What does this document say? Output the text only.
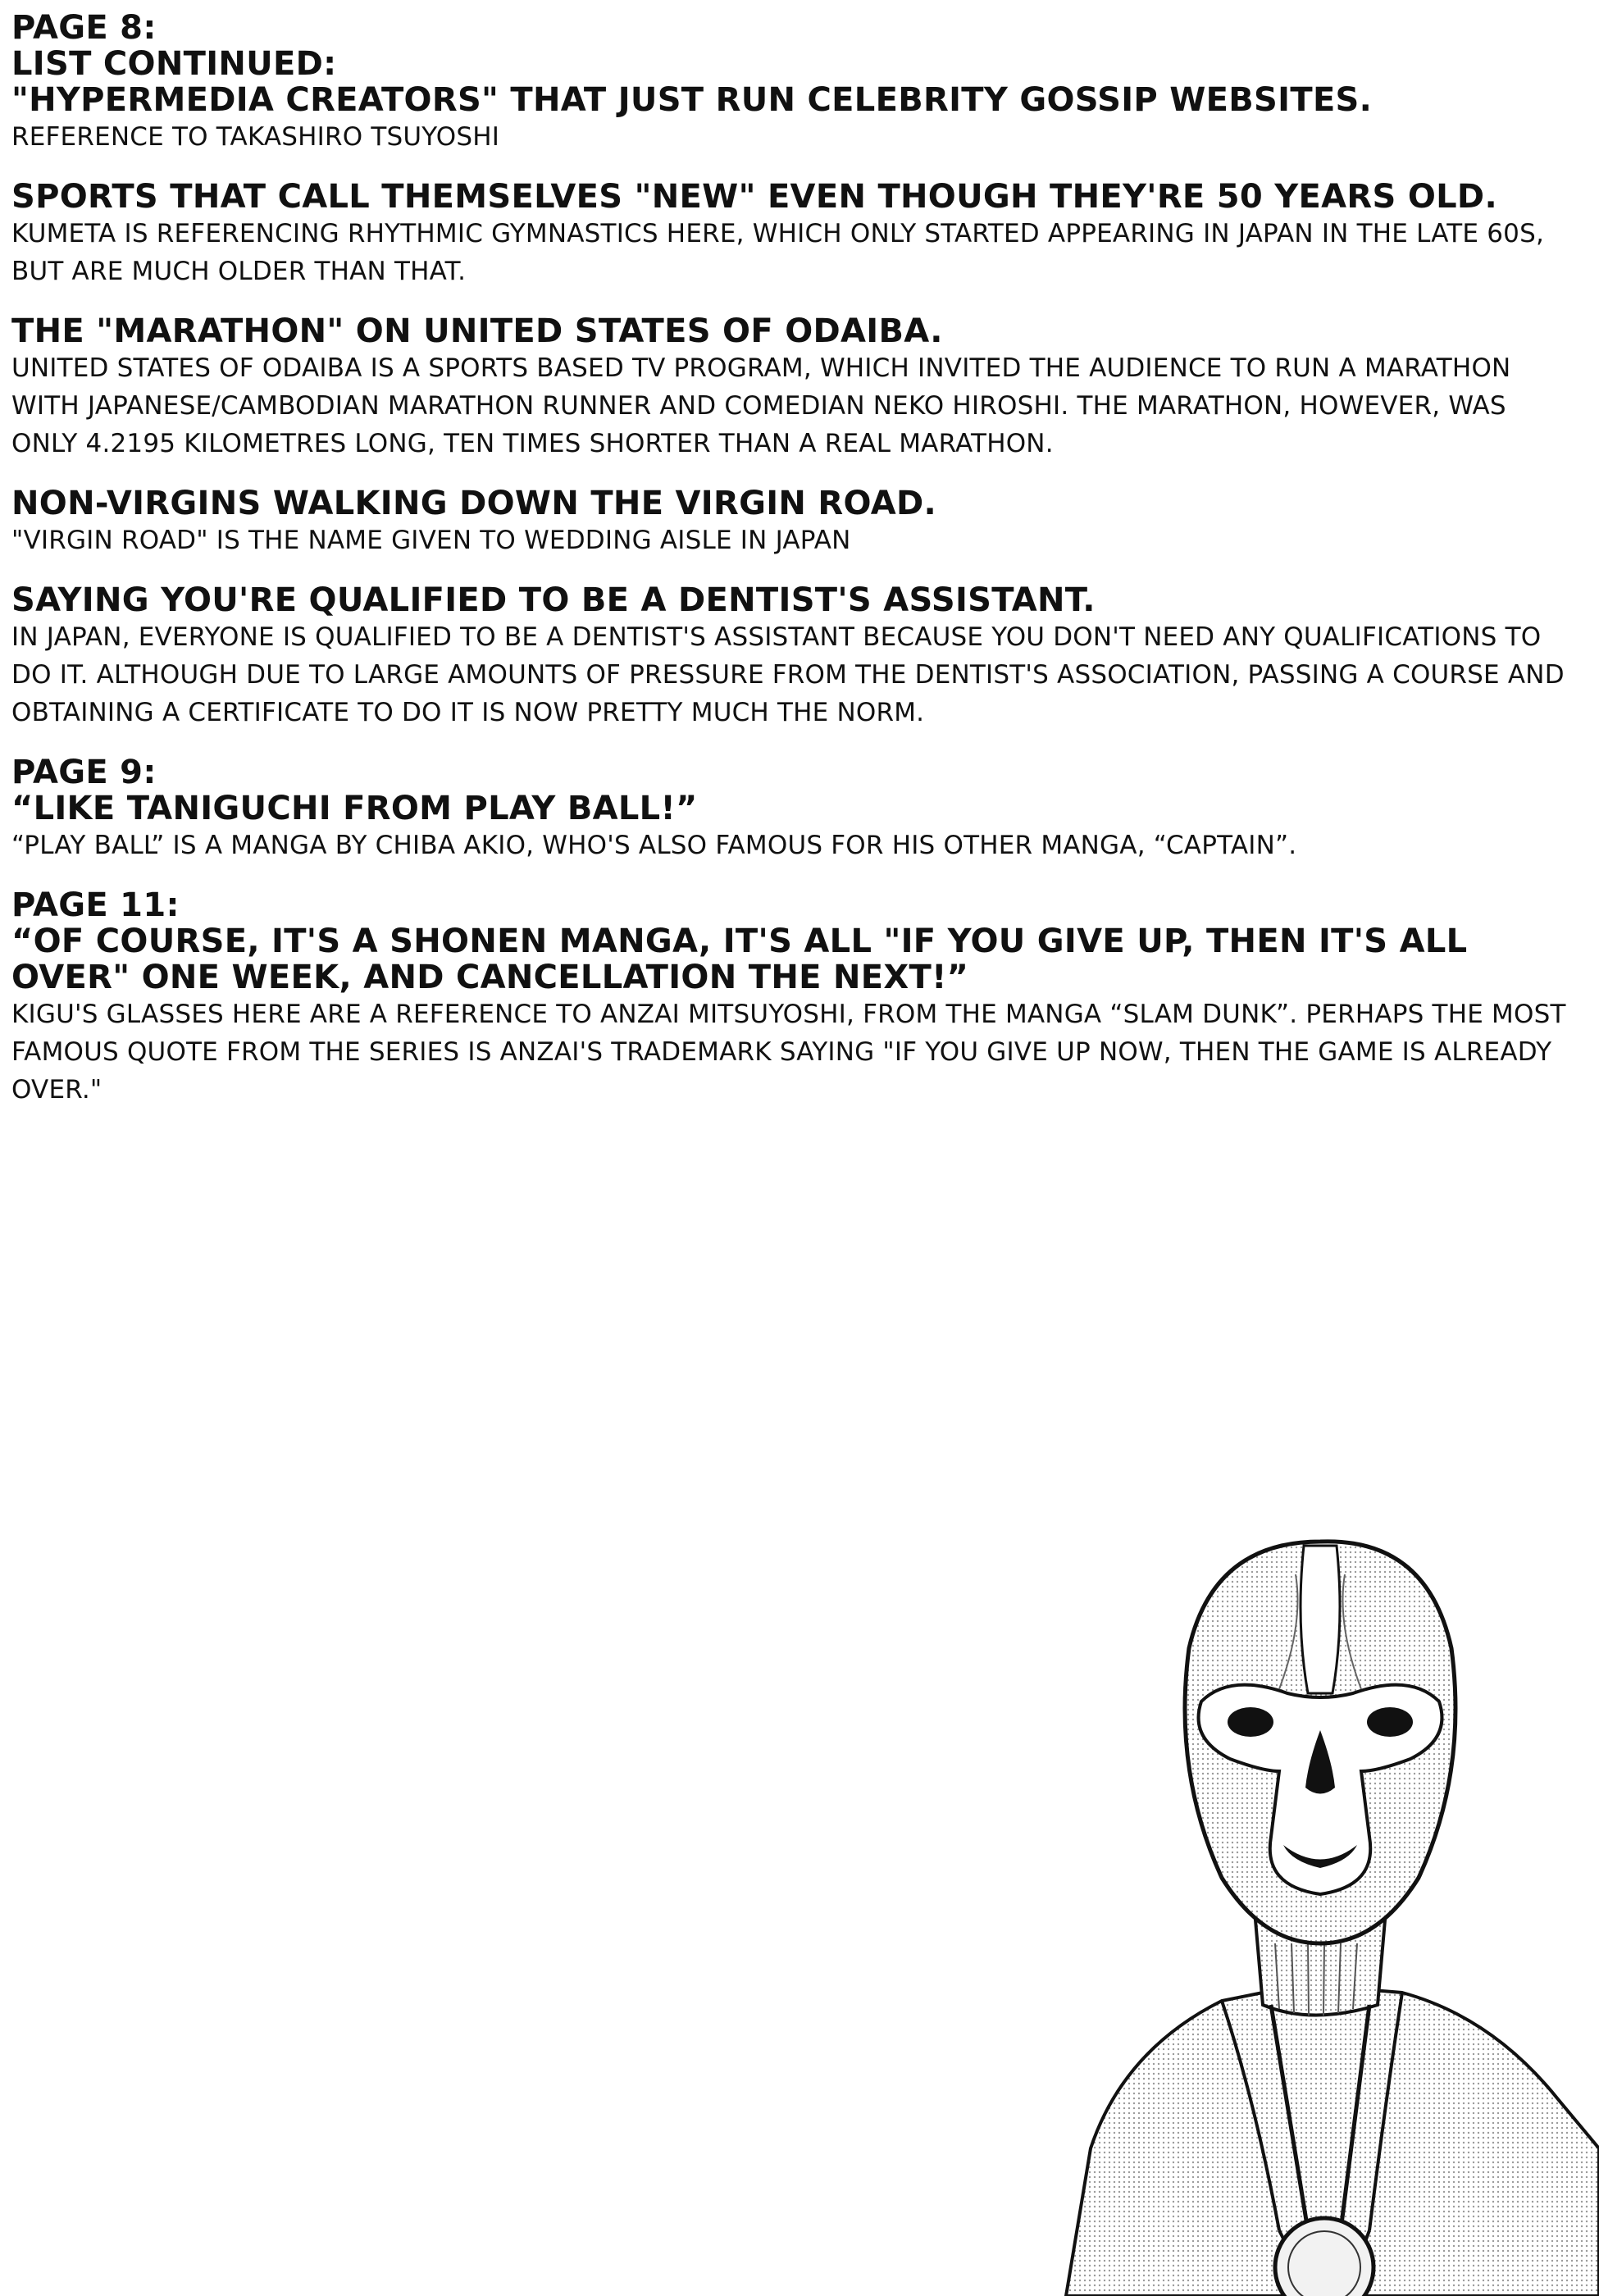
PAGE 8:
LIST CONTINUED:
"HYPERMEDIA CREATORS" THAT JUST RUN CELEBRITY GOSSIP WEBSITES.
REFERENCE TO TAKASHIRO TSUYOSHI
SPORTS THAT CALL THEMSELVES "NEW" EVEN THOUGH THEY'RE 50 YEARS OLD.
KUMETA IS REFERENCING RHYTHMIC GYMNASTICS HERE, WHICH ONLY STARTED APPEARING IN JAPAN IN THE LATE 60S, BUT ARE MUCH OLDER THAN THAT.
THE "MARATHON" ON UNITED STATES OF ODAIBA.
UNITED STATES OF ODAIBA IS A SPORTS BASED TV PROGRAM, WHICH INVITED THE AUDIENCE TO RUN A MARATHON WITH JAPANESE/CAMBODIAN MARATHON RUNNER AND COMEDIAN NEKO HIROSHI. THE MARATHON, HOWEVER, WAS ONLY 4.2195 KILOMETRES LONG, TEN TIMES SHORTER THAN A REAL MARATHON.
NON-VIRGINS WALKING DOWN THE VIRGIN ROAD.
"VIRGIN ROAD" IS THE NAME GIVEN TO WEDDING AISLE IN JAPAN
SAYING YOU'RE QUALIFIED TO BE A DENTIST'S ASSISTANT.
IN JAPAN, EVERYONE IS QUALIFIED TO BE A DENTIST'S ASSISTANT BECAUSE YOU DON'T NEED ANY QUALIFICATIONS TO DO IT. ALTHOUGH DUE TO LARGE AMOUNTS OF PRESSURE FROM THE DENTIST'S ASSOCIATION, PASSING A COURSE AND OBTAINING A CERTIFICATE TO DO IT IS NOW PRETTY MUCH THE NORM.
PAGE 9:
“LIKE TANIGUCHI FROM PLAY BALL!”
“PLAY BALL” IS A MANGA BY CHIBA AKIO, WHO'S ALSO FAMOUS FOR HIS OTHER MANGA, “CAPTAIN”.
PAGE 11:
“OF COURSE, IT'S A SHONEN MANGA, IT'S ALL "IF YOU GIVE UP, THEN IT'S ALL OVER" ONE WEEK, AND CANCELLATION THE NEXT!”
KIGU'S GLASSES HERE ARE A REFERENCE TO ANZAI MITSUYOSHI, FROM THE MANGA “SLAM DUNK”. PERHAPS THE MOST FAMOUS QUOTE FROM THE SERIES IS ANZAI'S TRADEMARK SAYING "IF YOU GIVE UP NOW, THEN THE GAME IS ALREADY OVER."
